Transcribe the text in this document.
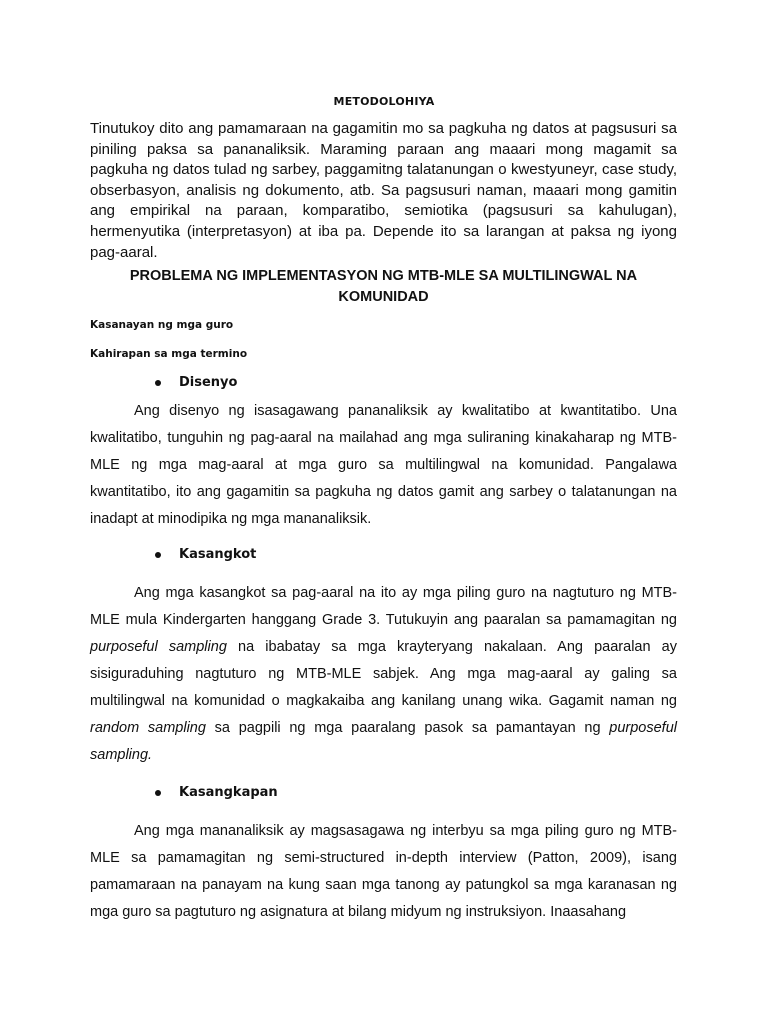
METODOLOHIYA

Tinutukoy dito ang pamamaraan na gagamitin mo sa pagkuha ng datos at pagsusuri sa piniling paksa sa pananaliksik. Maraming paraan ang maaari mong magamit sa pagkuha ng datos tulad ng sarbey, paggamitng talatanungan o kwestyuneyr, case study, obserbasyon, analisis ng dokumento, atb. Sa pagsusuri naman, maaari mong gamitin ang empirikal na paraan, komparatibo, semiotika (pagsusuri sa kahulugan), hermenyutika (interpretasyon) at iba pa. Depende ito sa larangan at paksa ng iyong pag-aaral.

PROBLEMA NG IMPLEMENTASYON NG MTB-MLE SA MULTILINGWAL NA KOMUNIDAD

Kasanayan ng mga guro

Kahirapan sa mga termino

Disenyo

Ang disenyo ng isasagawang pananaliksik ay kwalitatibo at kwantitatibo. Una kwalitatibo, tunguhin ng pag-aaral na mailahad ang mga suliraning kinakaharap ng MTB-MLE ng mga mag-aaral at mga guro sa multilingwal na komunidad. Pangalawa kwantitatibo, ito ang gagamitin sa pagkuha ng datos gamit ang sarbey o talatanungan na inadapt at minodipika ng mga mananaliksik.

Kasangkot

Ang mga kasangkot sa pag-aaral na ito ay mga piling guro na nagtuturo ng MTB-MLE mula Kindergarten hanggang Grade 3. Tutukuyin ang paaralan sa pamamagitan ng purposeful sampling na ibabatay sa mga krayteryang nakalaan. Ang paaralan ay sisiguraduhing nagtuturo ng MTB-MLE sabjek. Ang mga mag-aaral ay galing sa multilingwal na komunidad o magkakaiba ang kanilang unang wika. Gagamit naman ng random sampling sa pagpili ng mga paaralang pasok sa pamantayan ng purposeful sampling.

Kasangkapan

Ang mga mananaliksik ay magsasagawa ng interbyu sa mga piling guro ng MTB-MLE sa pamamagitan ng semi-structured in-depth interview (Patton, 2009), isang pamamaraan na panayam na kung saan mga tanong ay patungkol sa mga karanasan ng mga guro sa pagtuturo ng asignatura at bilang midyum ng instruksiyon. Inaasahang
